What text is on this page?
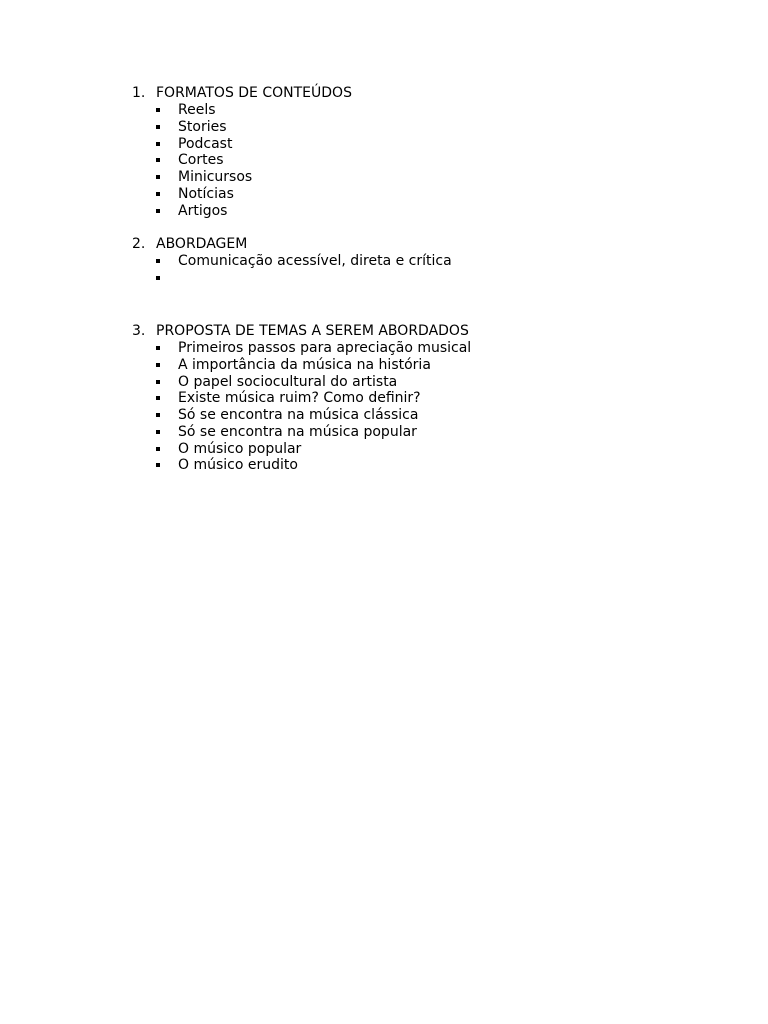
1. FORMATOS DE CONTEÚDOS
Reels
Stories
Podcast
Cortes
Minicursos
Notícias
Artigos
2. ABORDAGEM
Comunicação acessível, direta e crítica
3. PROPOSTA DE TEMAS A SEREM ABORDADOS
Primeiros passos para apreciação musical
A importância da música na história
O papel sociocultural do artista
Existe música ruim? Como definir?
Só se encontra na música clássica
Só se encontra na música popular
O músico popular
O músico erudito
